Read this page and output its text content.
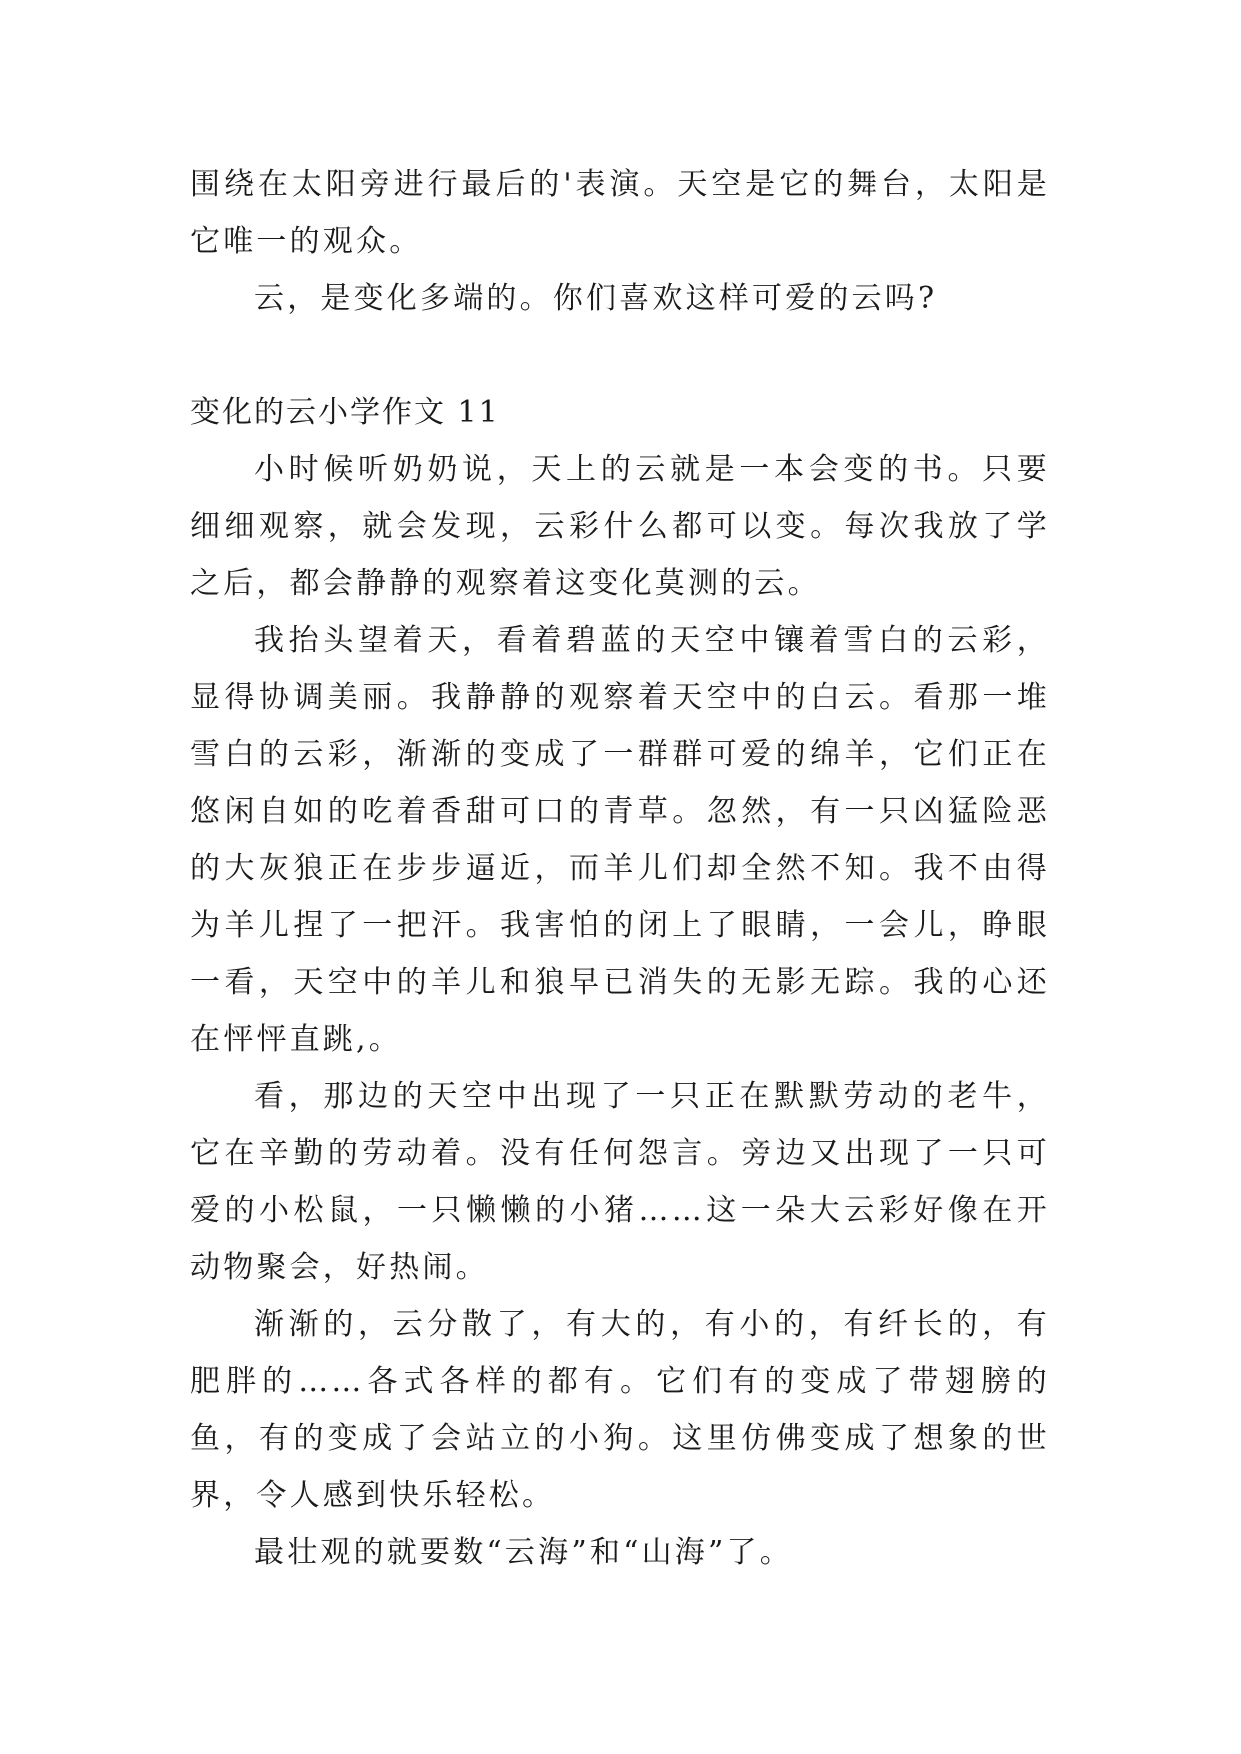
围绕在太阳旁进行最后的'表演。天空是它的舞台，太阳是它唯一的观众。

云，是变化多端的。你们喜欢这样可爱的云吗?

变化的云小学作文 11

小时候听奶奶说，天上的云就是一本会变的书。只要细细观察，就会发现，云彩什么都可以变。每次我放了学之后，都会静静的观察着这变化莫测的云。

我抬头望着天，看着碧蓝的天空中镶着雪白的云彩，显得协调美丽。我静静的观察着天空中的白云。看那一堆雪白的云彩，渐渐的变成了一群群可爱的绵羊，它们正在悠闲自如的吃着香甜可口的青草。忽然，有一只凶猛险恶的大灰狼正在步步逼近，而羊儿们却全然不知。我不由得为羊儿捏了一把汗。我害怕的闭上了眼睛，一会儿，睁眼一看，天空中的羊儿和狼早已消失的无影无踪。我的心还在怦怦直跳,。

看，那边的天空中出现了一只正在默默劳动的老牛，它在辛勤的劳动着。没有任何怨言。旁边又出现了一只可爱的小松鼠，一只懒懒的小猪……这一朵大云彩好像在开动物聚会，好热闹。

渐渐的，云分散了，有大的，有小的，有纤长的，有肥胖的……各式各样的都有。它们有的变成了带翅膀的鱼，有的变成了会站立的小狗。这里仿佛变成了想象的世界，令人感到快乐轻松。

最壮观的就要数“云海”和“山海”了。
